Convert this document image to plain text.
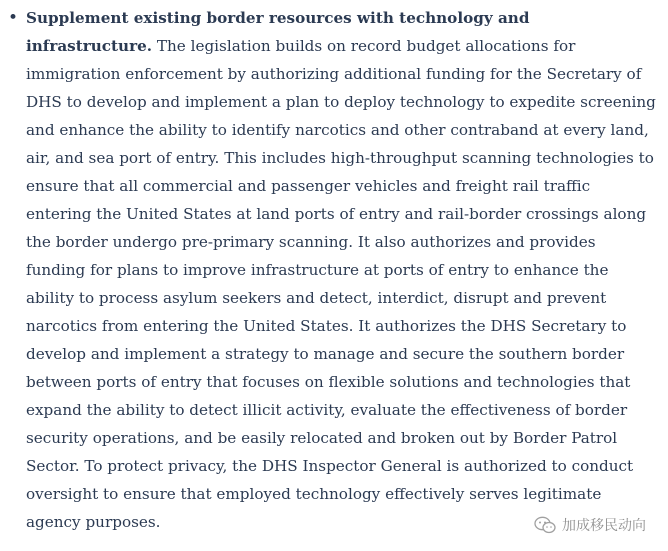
• Supplement existing border resources with technology and infrastructure. The legislation builds on record budget allocations for immigration enforcement by authorizing additional funding for the Secretary of DHS to develop and implement a plan to deploy technology to expedite screening and enhance the ability to identify narcotics and other contraband at every land, air, and sea port of entry. This includes high-throughput scanning technologies to ensure that all commercial and passenger vehicles and freight rail traffic entering the United States at land ports of entry and rail-border crossings along the border undergo pre-primary scanning. It also authorizes and provides funding for plans to improve infrastructure at ports of entry to enhance the ability to process asylum seekers and detect, interdict, disrupt and prevent narcotics from entering the United States. It authorizes the DHS Secretary to develop and implement a strategy to manage and secure the southern border between ports of entry that focuses on flexible solutions and technologies that expand the ability to detect illicit activity, evaluate the effectiveness of border security operations, and be easily relocated and broken out by Border Patrol Sector. To protect privacy, the DHS Inspector General is authorized to conduct oversight to ensure that employed technology effectively serves legitimate agency purposes.	加成移民动向
